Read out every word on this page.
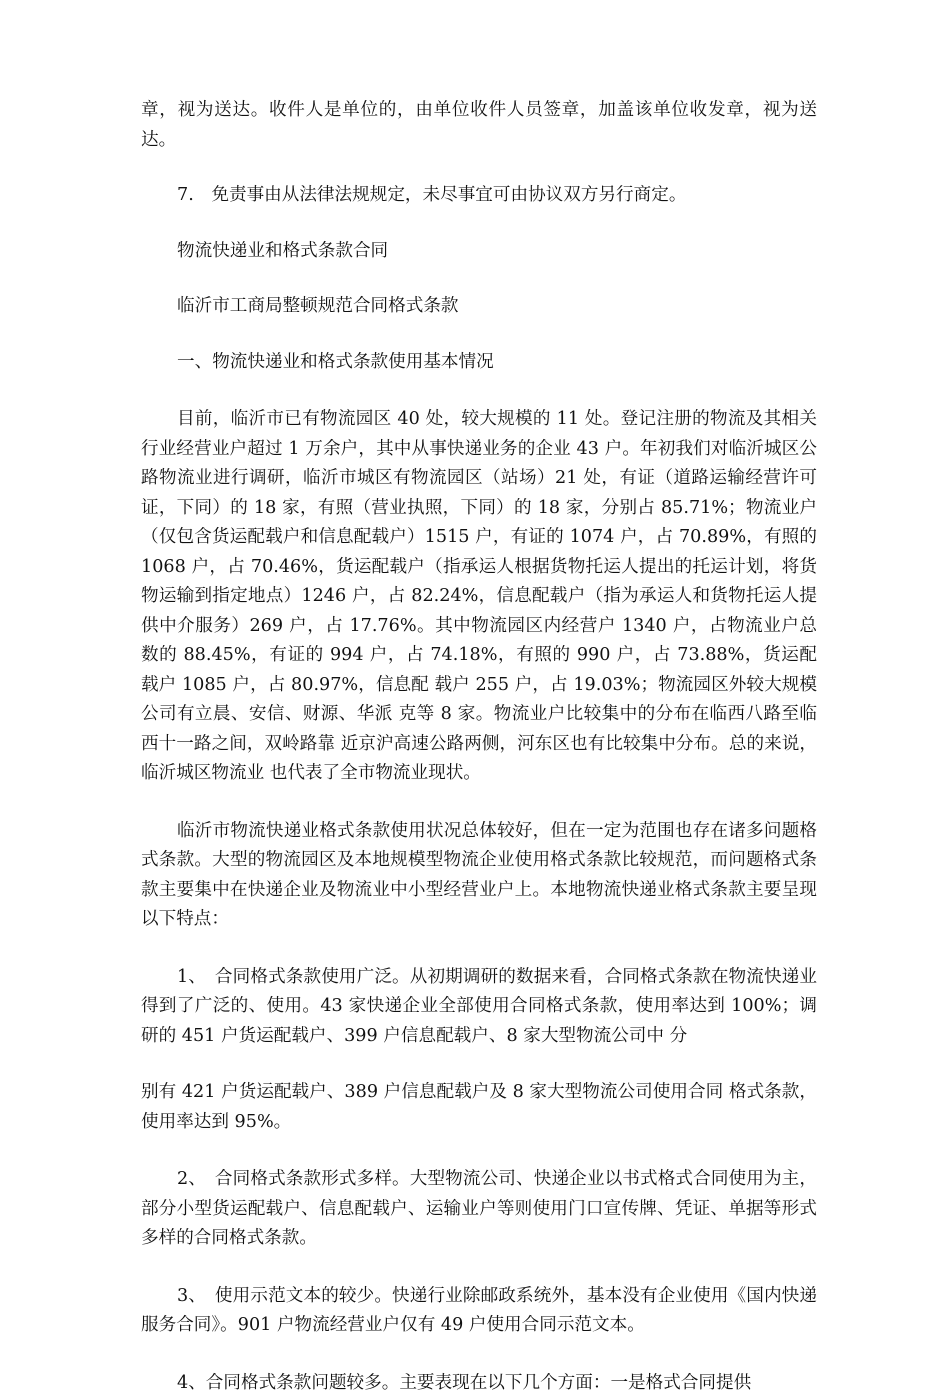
章，视为送达。收件人是单位的，由单位收件人员签章，加盖该单位收发章，视为送达。

7.　免责事由从法律法规规定，未尽事宜可由协议双方另行商定。

物流快递业和格式条款合同

临沂市工商局整顿规范合同格式条款

一、物流快递业和格式条款使用基本情况

目前，临沂市已有物流园区 40 处，较大规模的 11 处。登记注册的物流及其相关行业经营业户超过 1 万余户，其中从事快递业务的企业 43 户。年初我们对临沂城区公路物流业进行调研，临沂市城区有物流园区（站场）21 处，有证（道路运输经营许可证，下同）的 18 家，有照（营业执照，下同）的 18 家，分别占 85.71%；物流业户（仅包含货运配载户和信息配载户）1515 户，有证的 1074 户，占 70.89%，有照的 1068 户，占 70.46%，货运配载户（指承运人根据货物托运人提出的托运计划，将货物运输到指定地点）1246 户，占 82.24%，信息配载户（指为承运人和货物托运人提供中介服务）269 户，占 17.76%。其中物流园区内经营户 1340 户，占物流业户总数的 88.45%，有证的 994 户，占 74.18%，有照的 990 户，占 73.88%，货运配载户 1085 户，占 80.97%，信息配 载户 255 户，占 19.03%；物流园区外较大规模公司有立晨、安信、财源、华派 克等 8 家。物流业户比较集中的分布在临西八路至临西十一路之间，双岭路靠 近京沪高速公路两侧，河东区也有比较集中分布。总的来说，临沂城区物流业 也代表了全市物流业现状。

临沂市物流快递业格式条款使用状况总体较好，但在一定为范围也存在诸多问题格式条款。大型的物流园区及本地规模型物流企业使用格式条款比较规范，而问题格式条款主要集中在快递企业及物流业中小型经营业户上。本地物流快递业格式条款主要呈现以下特点：

1、　合同格式条款使用广泛。从初期调研的数据来看，合同格式条款在物流快递业得到了广泛的、使用。43 家快递企业全部使用合同格式条款，使用率达到 100%；调研的 451 户货运配载户、399 户信息配载户、8 家大型物流公司中 分

别有 421 户货运配载户、389 户信息配载户及 8 家大型物流公司使用合同 格式条款，使用率达到 95%。

2、　合同格式条款形式多样。大型物流公司、快递企业以书式格式合同使用为主，部分小型货运配载户、信息配载户、运输业户等则使用门口宣传牌、凭证、单据等形式多样的合同格式条款。

3、　使用示范文本的较少。快递行业除邮政系统外，基本没有企业使用《国内快递服务合同》。901 户物流经营业户仅有 49 户使用合同示范文本。

4、合同格式条款问题较多。主要表现在以下几个方面：一是格式合同提供
